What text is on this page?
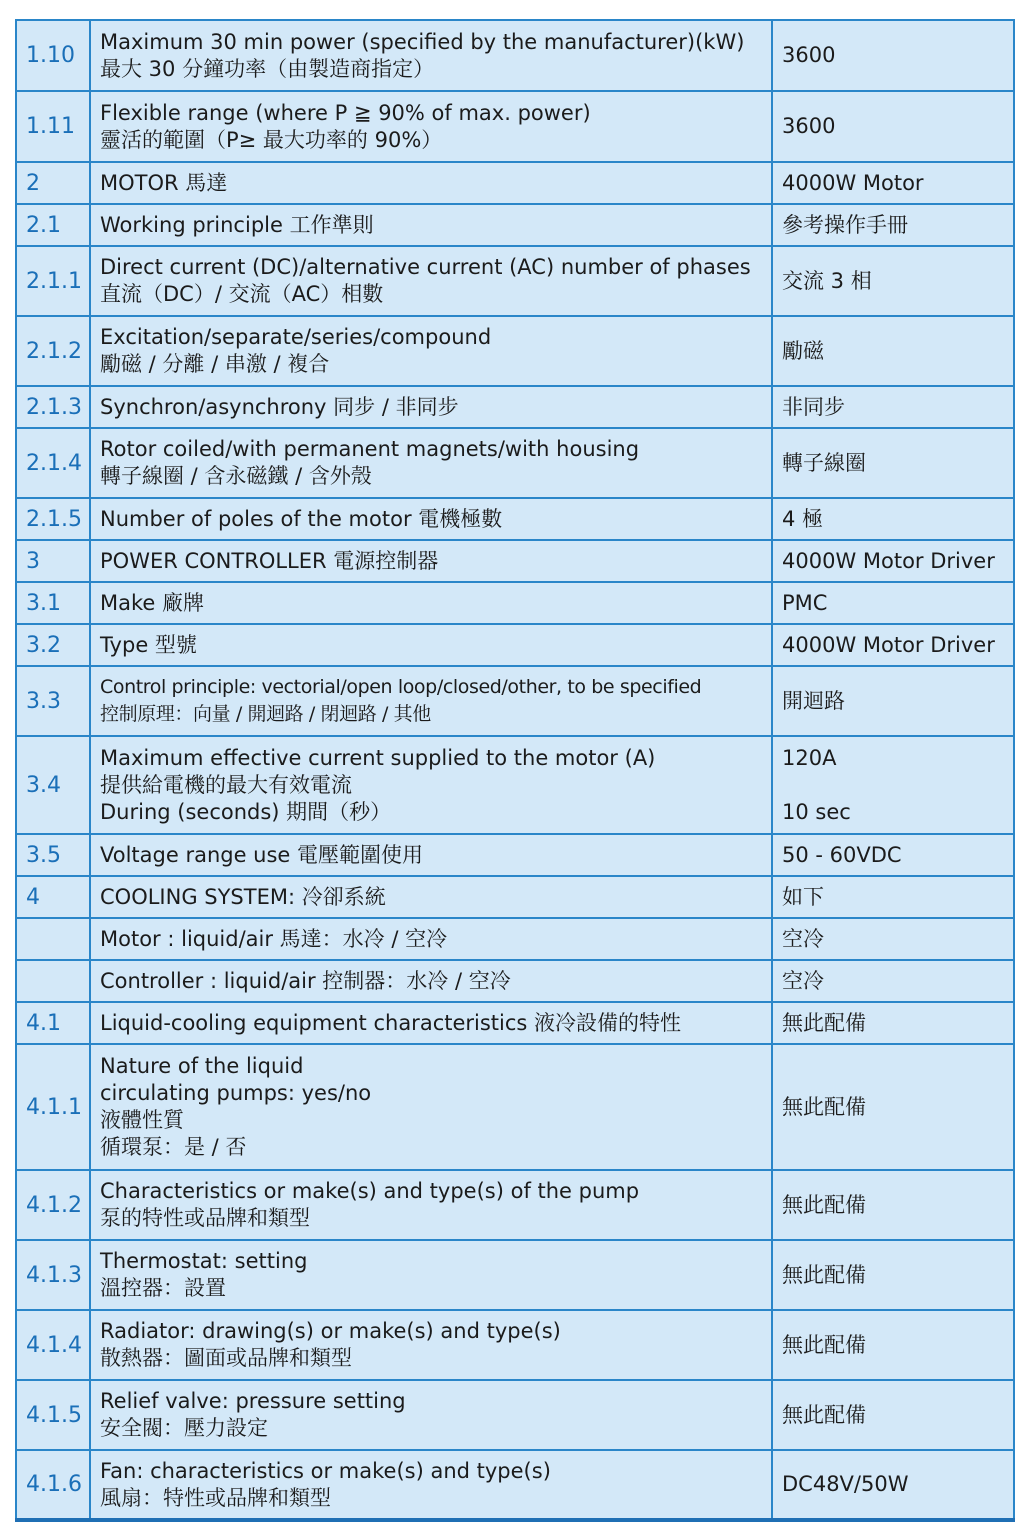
1.10	Maximum 30 min power (specified by the manufacturer)(kW)
最大 30 分鐘功率（由製造商指定）	3600
1.11	Flexible range (where P ≧ 90% of max. power)
靈活的範圍（P≥ 最大功率的 90%）	3600
2	MOTOR 馬達	4000W Motor
2.1	Working principle 工作準則	參考操作手冊
2.1.1	Direct current (DC)/alternative current (AC) number of phases
直流（DC）/ 交流（AC）相數	交流 3 相
2.1.2	Excitation/separate/series/compound
勵磁 / 分離 / 串激 / 複合	勵磁
2.1.3	Synchron/asynchrony 同步 / 非同步	非同步
2.1.4	Rotor coiled/with permanent magnets/with housing
轉子線圈 / 含永磁鐵 / 含外殼	轉子線圈
2.1.5	Number of poles of the motor 電機極數	4 極
3	POWER CONTROLLER 電源控制器	4000W Motor Driver
3.1	Make 廠牌	PMC
3.2	Type 型號	4000W Motor Driver
3.3	Control principle: vectorial/open loop/closed/other, to be specified
控制原理：向量 / 開迴路 / 閉迴路 / 其他	開迴路
3.4	Maximum effective current supplied to the motor (A)
提供給電機的最大有效電流
During (seconds) 期間（秒）	120A

10 sec
3.5	Voltage range use 電壓範圍使用	50 - 60VDC
4	COOLING SYSTEM: 冷卻系統	如下
	Motor : liquid/air 馬達：水冷 / 空冷	空冷
	Controller : liquid/air 控制器：水冷 / 空冷	空冷
4.1	Liquid-cooling equipment characteristics 液冷設備的特性	無此配備
4.1.1	Nature of the liquid
circulating pumps: yes/no
液體性質
循環泵：是 / 否	無此配備
4.1.2	Characteristics or make(s) and type(s) of the pump
泵的特性或品牌和類型	無此配備
4.1.3	Thermostat: setting
溫控器：設置	無此配備
4.1.4	Radiator: drawing(s) or make(s) and type(s)
散熱器：圖面或品牌和類型	無此配備
4.1.5	Relief valve: pressure setting
安全閥：壓力設定	無此配備
4.1.6	Fan: characteristics or make(s) and type(s)
風扇：特性或品牌和類型	DC48V/50W
